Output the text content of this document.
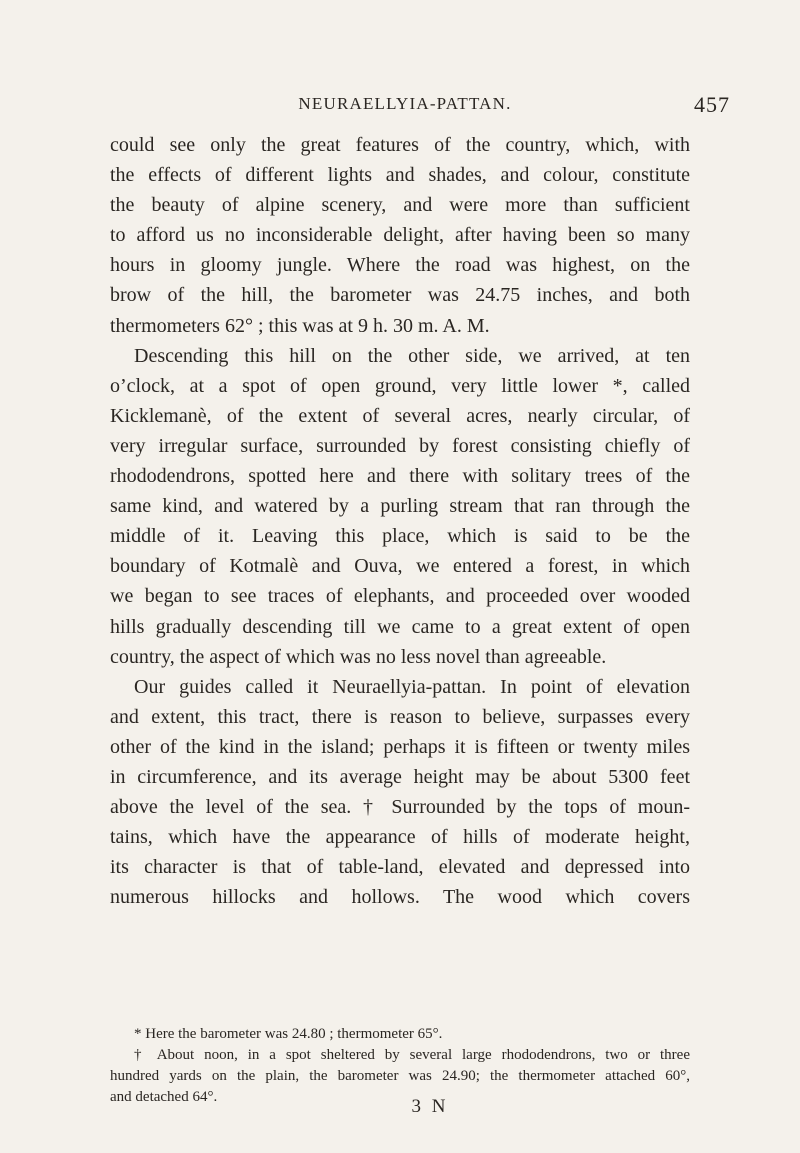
NEURAELLYIA-PATTAN.	457
could see only the great features of the country, which, with
the effects of different lights and shades, and colour, constitute
the beauty of alpine scenery, and were more than sufficient
to afford us no inconsiderable delight, after having been so many
hours in gloomy jungle. Where the road was highest, on the
brow of the hill, the barometer was 24.75 inches, and both
thermometers 62° ; this was at 9 h. 30 m. A. M.
Descending this hill on the other side, we arrived, at ten
o’clock, at a spot of open ground, very little lower *, called
Kicklemanè, of the extent of several acres, nearly circular, of
very irregular surface, surrounded by forest consisting chiefly of
rhododendrons, spotted here and there with solitary trees of the
same kind, and watered by a purling stream that ran through the
middle of it. Leaving this place, which is said to be the
boundary of Kotmalè and Ouva, we entered a forest, in which
we began to see traces of elephants, and proceeded over wooded
hills gradually descending till we came to a great extent of open
country, the aspect of which was no less novel than agreeable.
Our guides called it Neuraellyia-pattan. In point of elevation
and extent, this tract, there is reason to believe, surpasses every
other of the kind in the island; perhaps it is fifteen or twenty miles
in circumference, and its average height may be about 5300 feet
above the level of the sea. † Surrounded by the tops of moun-
tains, which have the appearance of hills of moderate height,
its character is that of table-land, elevated and depressed into
numerous hillocks and hollows. The wood which covers
* Here the barometer was 24.80 ; thermometer 65°.
† About noon, in a spot sheltered by several large rhododendrons, two or three
hundred yards on the plain, the barometer was 24.90; the thermometer attached 60°,
and detached 64°.	3 N
